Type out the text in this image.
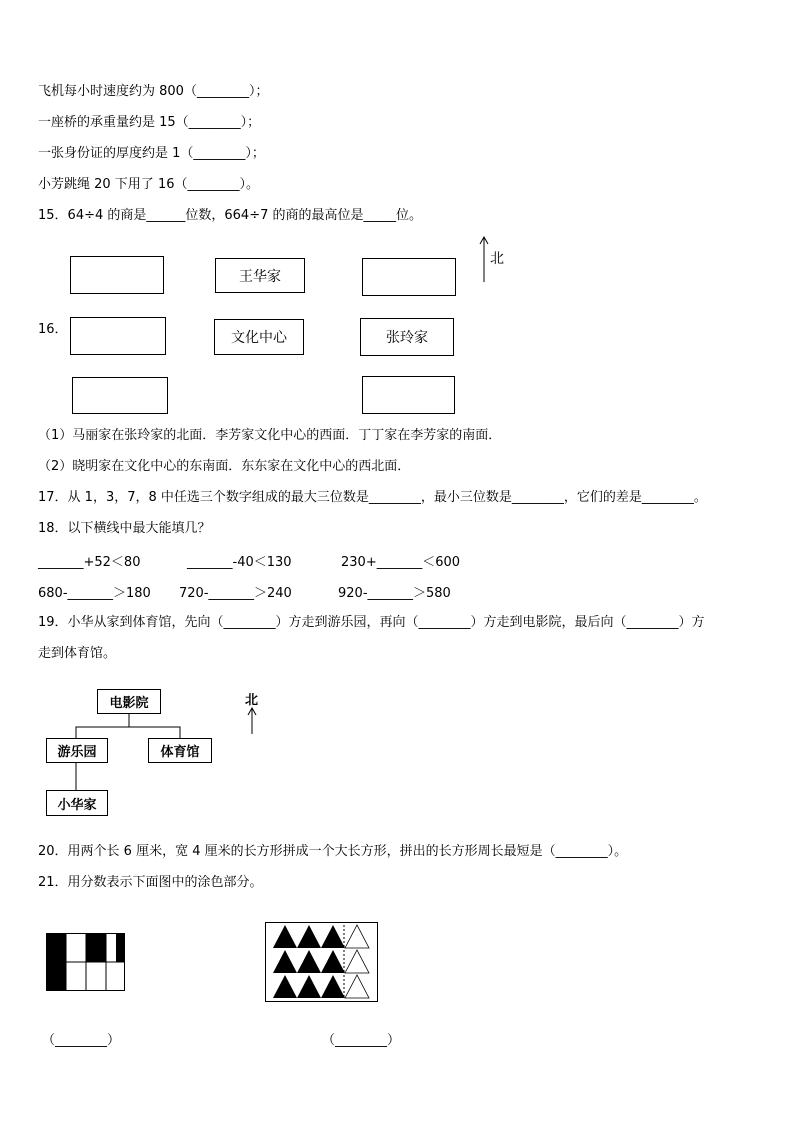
飞机每小时速度约为 800（________）；
一座桥的承重量约是 15（________）；
一张身份证的厚度约是 1（________）；
小芳跳绳 20 下用了 16（________）。
15．64÷4 的商是______位数，664÷7 的商的最高位是_____位。
北
王华家
16．
文化中心	张玲家
（1）马丽家在张玲家的北面．李芳家文化中心的西面．丁丁家在李芳家的南面．
（2）晓明家在文化中心的东南面．东东家在文化中心的西北面．
17．从 1，3，7，8 中任选三个数字组成的最大三位数是________，最小三位数是________，它们的差是________。
18．以下横线中最大能填几？
_______+52＜80	_______-40＜130	230+_______＜600
680-_______＞180 720-_______＞240	920-_______＞580
19．小华从家到体育馆，先向（________）方走到游乐园，再向（________）方走到电影院，最后向（________）方
走到体育馆。
电影院
游乐园	体育馆
小华家
北
20．用两个长 6 厘米，宽 4 厘米的长方形拼成一个大长方形，拼出的长方形周长最短是（________）。
21．用分数表示下面图中的涂色部分。
（________）	（________）
